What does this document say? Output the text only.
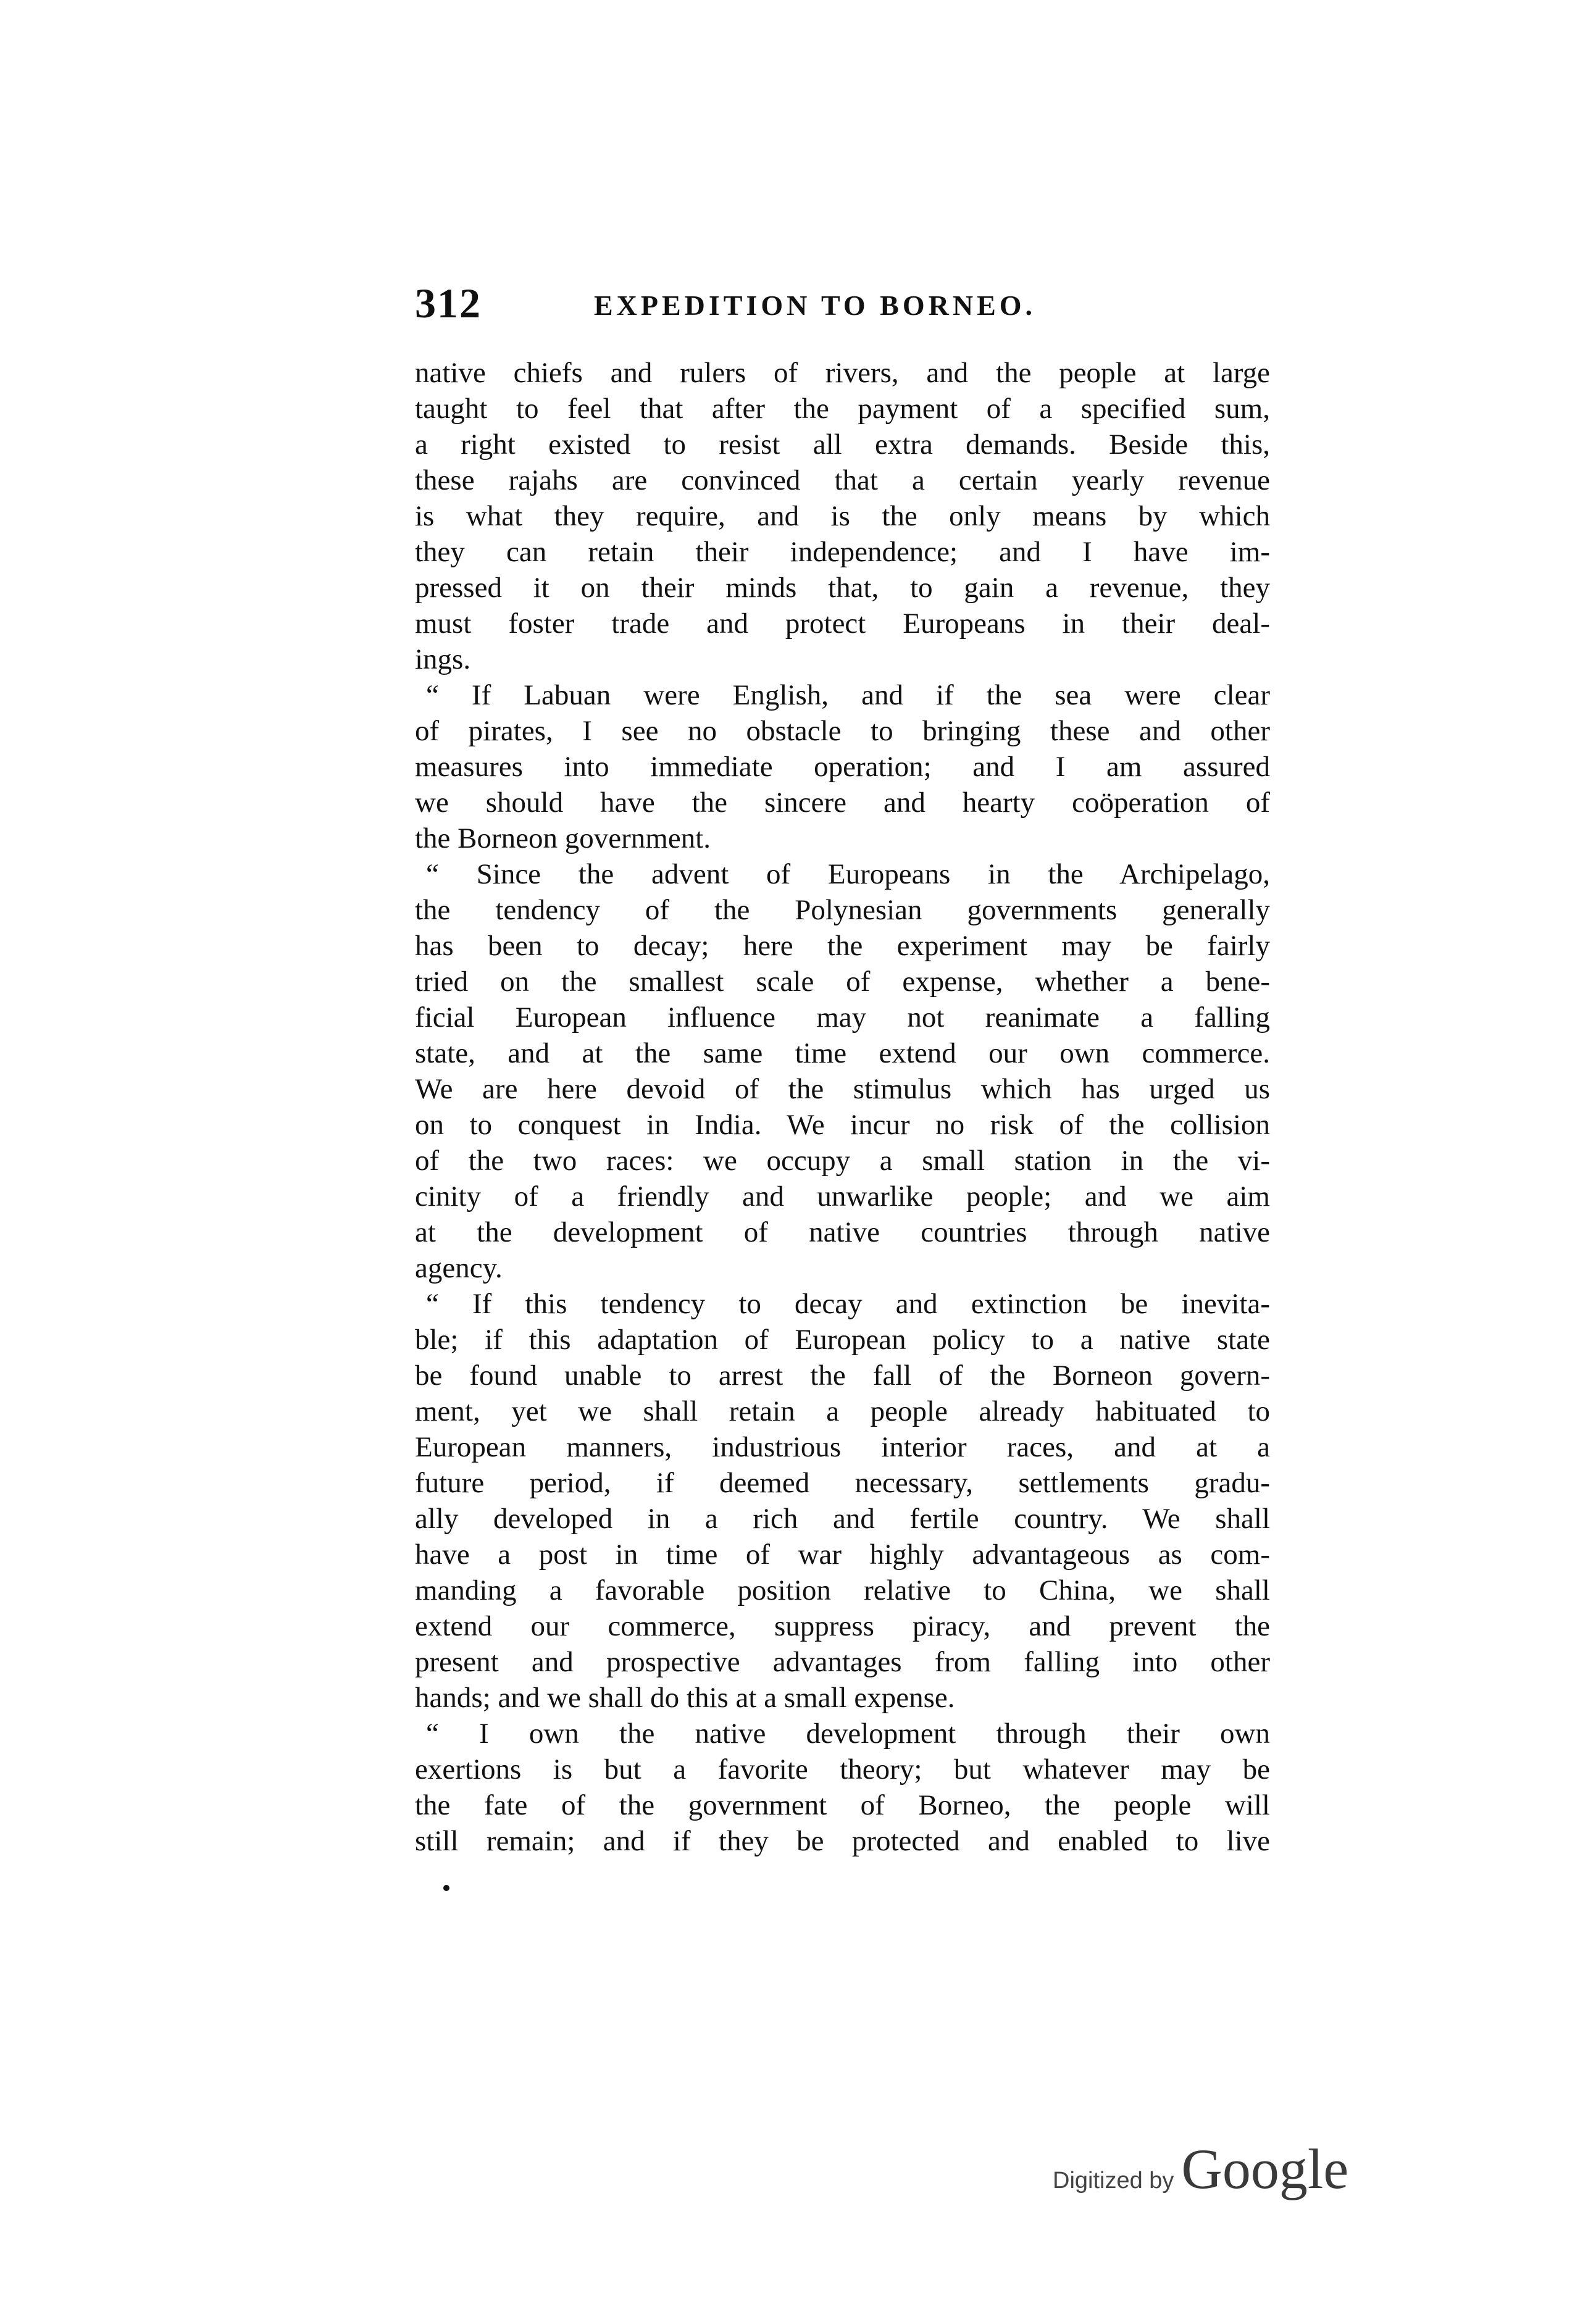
312	EXPEDITION TO BORNEO.
native chiefs and rulers of rivers, and the people at large
taught to feel that after the payment of a specified sum,
a right existed to resist all extra demands. Beside this,
these rajahs are convinced that a certain yearly revenue
is what they require, and is the only means by which
they can retain their independence; and I have im-
pressed it on their minds that, to gain a revenue, they
must foster trade and protect Europeans in their deal-
ings.
“ If Labuan were English, and if the sea were clear
of pirates, I see no obstacle to bringing these and other
measures into immediate operation; and I am assured
we should have the sincere and hearty coöperation of
the Borneon government.
“ Since the advent of Europeans in the Archipelago,
the tendency of the Polynesian governments generally
has been to decay; here the experiment may be fairly
tried on the smallest scale of expense, whether a bene-
ficial European influence may not reanimate a falling
state, and at the same time extend our own commerce.
We are here devoid of the stimulus which has urged us
on to conquest in India. We incur no risk of the collision
of the two races: we occupy a small station in the vi-
cinity of a friendly and unwarlike people; and we aim
at the development of native countries through native
agency.
“ If this tendency to decay and extinction be inevita-
ble; if this adaptation of European policy to a native state
be found unable to arrest the fall of the Borneon govern-
ment, yet we shall retain a people already habituated to
European manners, industrious interior races, and at a
future period, if deemed necessary, settlements gradu-
ally developed in a rich and fertile country. We shall
have a post in time of war highly advantageous as com-
manding a favorable position relative to China, we shall
extend our commerce, suppress piracy, and prevent the
present and prospective advantages from falling into other
hands; and we shall do this at a small expense.
“ I own the native development through their own
exertions is but a favorite theory; but whatever may be
the fate of the government of Borneo, the people will
still remain; and if they be protected and enabled to live
Digitized by Google
